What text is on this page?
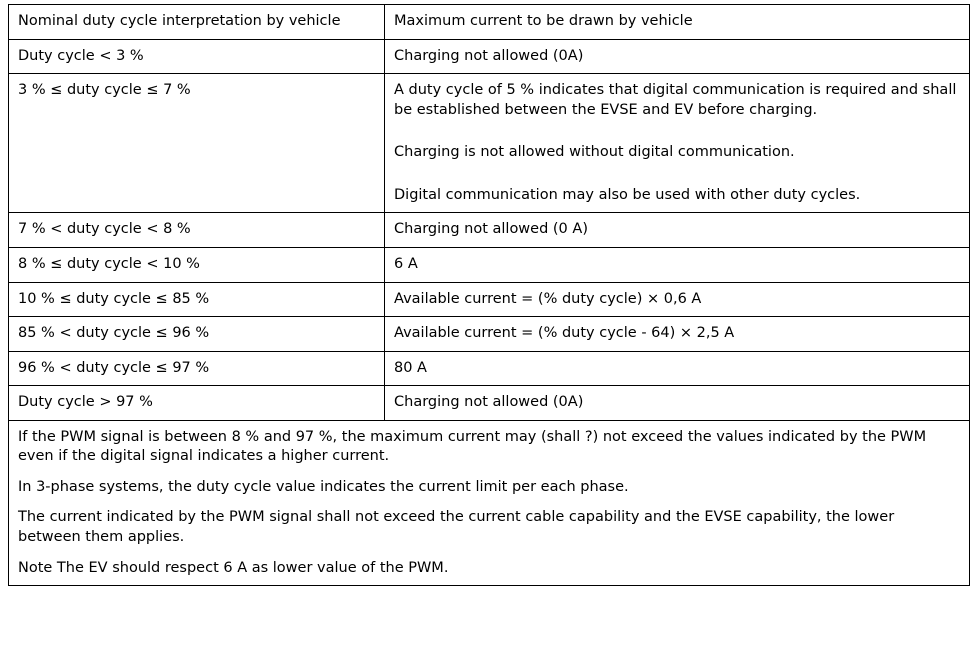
Nominal duty cycle interpretation by vehicle	Maximum current to be drawn by vehicle
Duty cycle < 3 %	Charging not allowed (0A)

3 % ≤ duty cycle ≤ 7 %	A duty cycle of 5 % indicates that digital communication is required and shall be established between the EVSE and EV before charging.

Charging is not allowed without digital communication.

Digital communication may also be used with other duty cycles.

7 % < duty cycle < 8 %	Charging not allowed (0 A)

8 % ≤ duty cycle < 10 %	6 A

10 % ≤ duty cycle ≤ 85 %	Available current = (% duty cycle) × 0,6 A

85 % < duty cycle ≤ 96 %	Available current = (% duty cycle - 64) × 2,5 A

96 % < duty cycle ≤ 97 %	80 A

Duty cycle > 97 %	Charging not allowed (0A)

If the PWM signal is between 8 % and 97 %, the maximum current may (shall ?) not exceed the values indicated by the PWM even if the digital signal indicates a higher current.

In 3-phase systems, the duty cycle value indicates the current limit per each phase.

The current indicated by the PWM signal shall not exceed the current cable capability and the EVSE capability, the lower between them applies.

Note The EV should respect 6 A as lower value of the PWM.	
